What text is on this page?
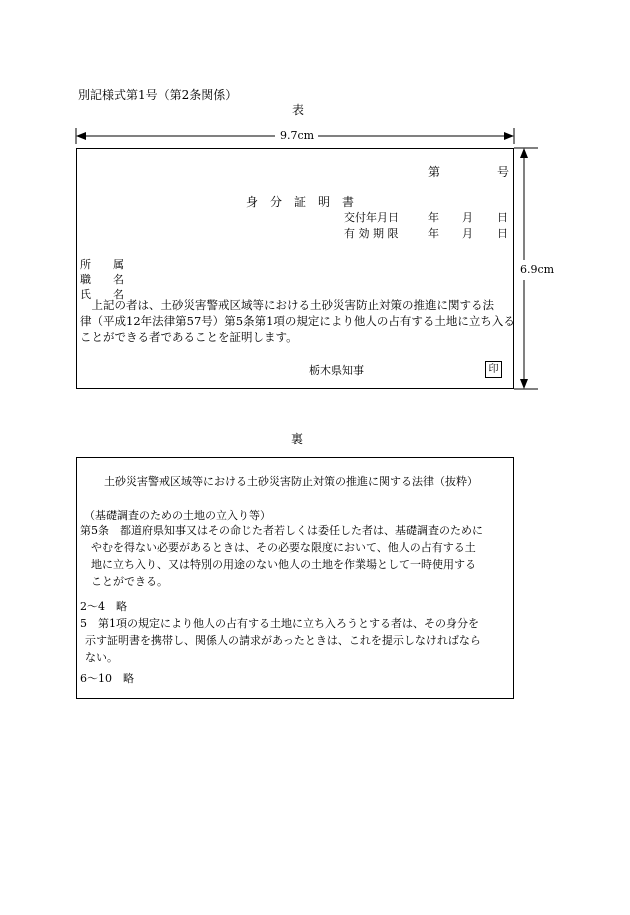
別記様式第1号（第2条関係）
表
9.7cm
6.9cm
第	号
身　分　証　明　書
交付年月日	年 月 日
有 効 期 限	年 月 日
所　　属
職　　名
氏　　名
　上記の者は、土砂災害警戒区域等における土砂災害防止対策の推進に関する法
律（平成12年法律第57号）第5条第1項の規定により他人の占有する土地に立ち入る
ことができる者であることを証明します。
栃木県知事	印
裏
土砂災害警戒区域等における土砂災害防止対策の推進に関する法律（抜粋）
（基礎調査のための土地の立入り等）
第5条　都道府県知事又はその命じた者若しくは委任した者は、基礎調査のために
やむを得ない必要があるときは、その必要な限度において、他人の占有する土
地に立ち入り、又は特別の用途のない他人の土地を作業場として一時使用する
ことができる。
2～4　略
5　第1項の規定により他人の占有する土地に立ち入ろうとする者は、その身分を
示す証明書を携帯し、関係人の請求があったときは、これを提示しなければなら
ない。
6～10　略
